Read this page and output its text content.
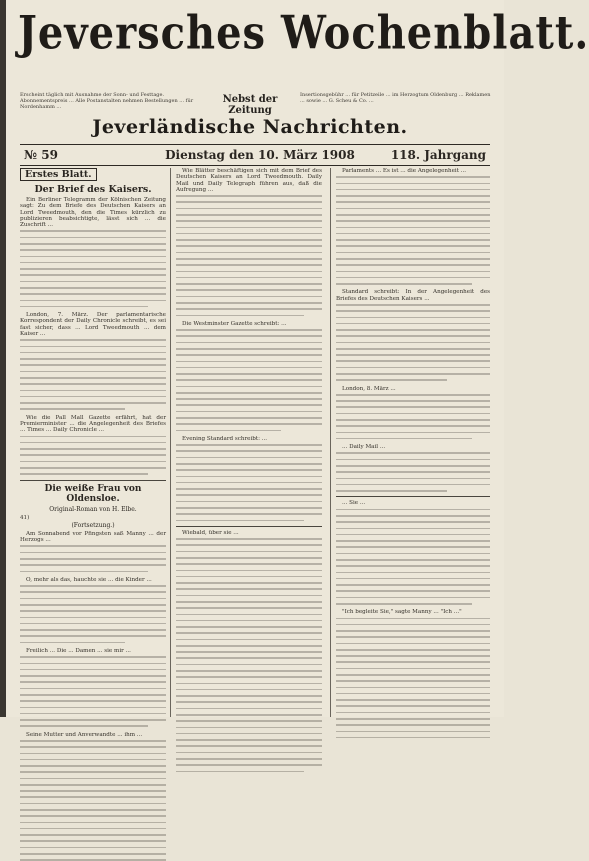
Jeversches Wochenblatt.
Erscheint täglich mit Ausnahme der Sonn- und Festtage. Abonnementspreis ... Alle Postanstalten nehmen Bestellungen ... für Nordenhamm ...
Nebst der Zeitung
Insertionsgebühr ... für Petitzeile ... im Herzogtum Oldenburg ... Reklamen ... sowie ... G. Scheu & Co. ...
Jeverländische Nachrichten.
№ 59	Dienstag den 10. März 1908	118. Jahrgang
Erstes Blatt.
Der Brief des Kaisers.

Ein Berliner Telegramm der Kölnischen Zeitung sagt: Zu dem Briefe des Deutschen Kaisers an Lord Tweedmouth, den die Times kürzlich zu publizieren beabsichtigte, lässt sich ... die Zuschrift ...

London, 7. März. Der parlamentarische Korrespondent der Daily Chronicle schreibt, es sei fast sicher, dass ... Lord Tweedmouth ... dem Kaiser ...

Wie die Pall Mall Gazette erfährt, hat der Premierminister ... die Angelegenheit des Briefes ... Times ... Daily Chronicle ...

Die weiße Frau von Oldensloe.
Original-Roman von H. Elbe.
41)
(Fortsetzung.)

Am Sonnabend vor Pfingsten saß Manny ... der Herzogs ...

O, mehr als das, hauchte sie ... die Kinder ...

Freilich ... Die ... Damen ... sie mir ...

Seine Mutter und Anverwandte ... ihm ...

Wie Blätter beschäftigen sich mit dem Brief des Deutschen Kaisers an Lord Tweedmouth. Daily Mail und Daily Telegraph führen aus, daß die Aufregung ...

Die Westminster Gazette schreibt: ...

Evening Standard schreibt: ...

Wiebald, über sie ...

Parlaments ... Es ist ... die Angelegenheit ...

Standard schreibt: In der Angelegenheit des Briefes des Deutschen Kaisers ...

London, 8. März ...

... Daily Mail ...

... Sie ...

"Ich begleite Sie," sagte Manny ... "Ich ..."
